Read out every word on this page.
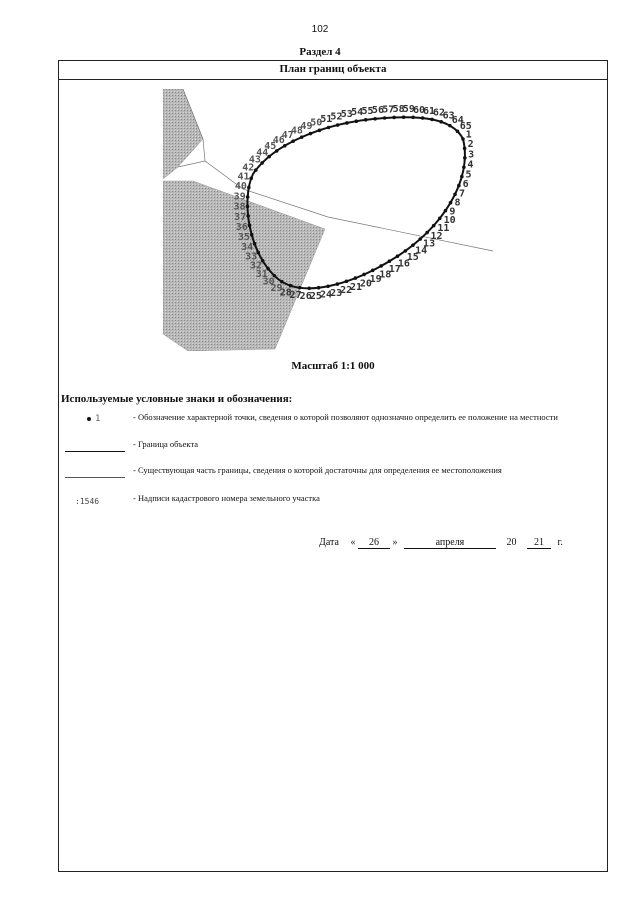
102
Раздел 4
План границ объекта
1
2
3
4
5
6
7
8
9
10
11
12
13
14
15
16
17
18
19
20
21
22
23
24
25
26
27
28
29
30
31
32
33
34
35
36
37
38
39
40
41
42
43
44
45
46
47
48
49
50
51
52
53
54
55
56
57
58
59
60
61
62
63
64
65
Масштаб 1:1 000
Используемые условные знаки и обозначения:
1	- Обозначение характерной точки, сведения о которой позволяют однозначно определить ее положение на местности
- Граница объекта
- Существующая часть границы, сведения о которой достаточны для определения ее местоположения
:1546	- Надписи кадастрового номера земельного участка
Дата « 26 »	апреля	20 21 г.
